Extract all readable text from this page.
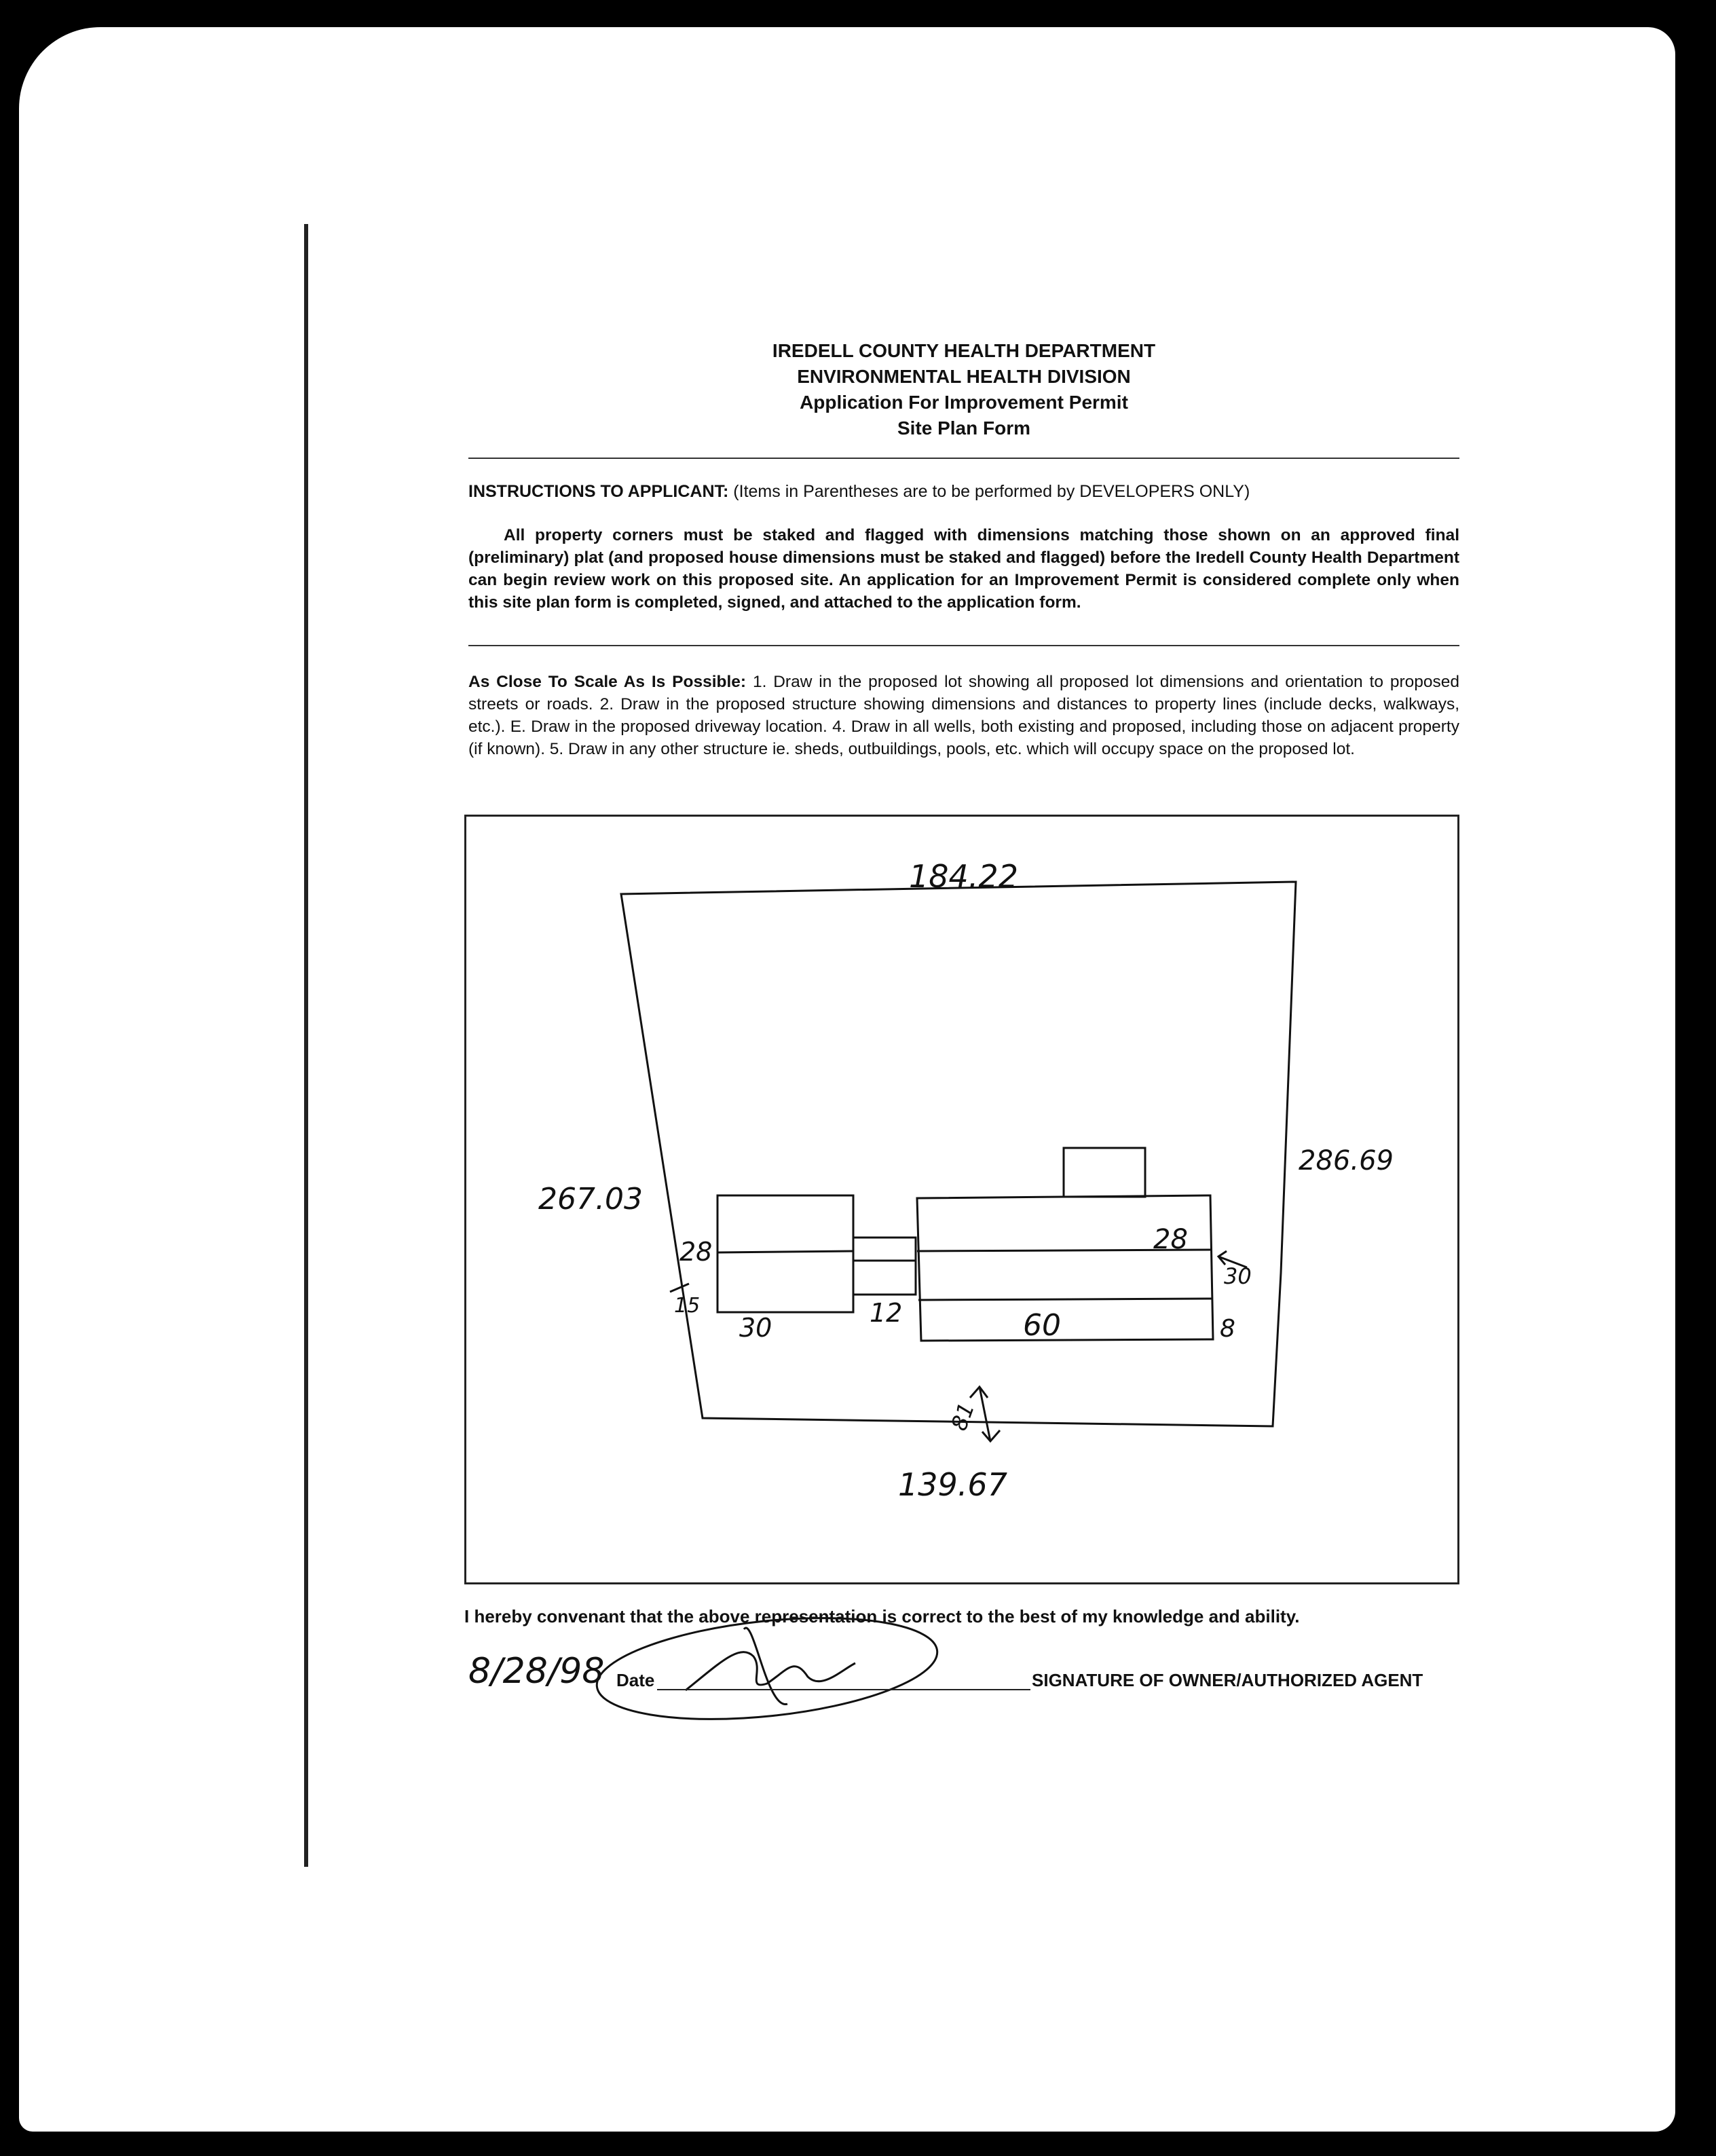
IREDELL COUNTY HEALTH DEPARTMENT
ENVIRONMENTAL HEALTH DIVISION
Application For Improvement Permit
Site Plan Form
INSTRUCTIONS TO APPLICANT: (Items in Parentheses are to be performed by DEVELOPERS ONLY)
All property corners must be staked and flagged with dimensions matching those shown on an approved final (preliminary) plat (and proposed house dimensions must be staked and flagged) before the Iredell County Health Department can begin review work on this proposed site. An application for an Improvement Permit is considered complete only when this site plan form is completed, signed, and attached to the application form.
As Close To Scale As Is Possible: 1. Draw in the proposed lot showing all proposed lot dimensions and orientation to proposed streets or roads. 2. Draw in the proposed structure showing dimensions and distances to property lines (include decks, walkways, etc.). E. Draw in the proposed driveway location. 4. Draw in all wells, both existing and proposed, including those on adjacent property (if known). 5. Draw in any other structure ie. sheds, outbuildings, pools, etc. which will occupy space on the proposed lot.
184.22
267.03
286.69
139.67
28
30
15	12
28
60
30
8
81
I hereby convenant that the above representation is correct to the best of my knowledge and ability.
8/28/98 Date	SIGNATURE OF OWNER/AUTHORIZED AGENT
